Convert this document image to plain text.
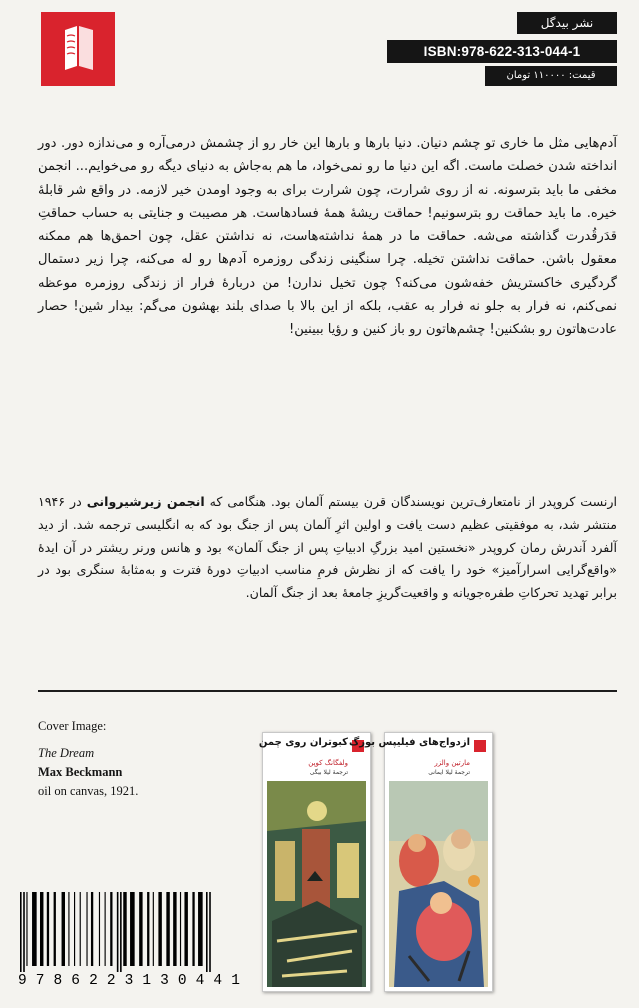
نشر بیدگل
ISBN:978-622-313-044-1
قیمت: ۱۱۰۰۰۰ تومان

آدم‌هایی مثل ما خاری تو چشم دنیان. دنیا بارها و بارها این خار رو از چشمش درمی‌آره و می‌ندازه دور. دور انداخته شدن خصلت ماست. اگه این دنیا ما رو نمی‌خواد، ما هم به‌جاش به دنیای دیگه رو می‌خوایم... انجمن مخفی ما باید بترسونه. نه از روی شرارت، چون شرارت برای به وجود اومدن خیر لازمه. در واقع شر قابلهٔ خیره. ما باید حماقت رو بترسونیم! حماقت ریشهٔ همهٔ فسادهاست. هر مصیبت و جنایتی به حساب حماقتِ قدَرقُدرت گذاشته می‌شه. حماقت ما در همهٔ نداشته‌هاست، نه نداشتن عقل، چون احمق‌ها هم ممکنه معقول باشن. حماقت نداشتن تخیله. چرا سنگینی زندگی روزمره آدم‌ها رو له می‌کنه، چرا زیر دستمال گردگیری خاکستریش خفه‌شون می‌کنه؟ چون تخیل ندارن! من دربارهٔ فرار از زندگی روزمره موعظه نمی‌کنم، نه فرار به جلو نه فرار به عقب، بلکه از این بالا با صدای بلند بهشون می‌گم: بیدار شین! حصار عادت‌هاتون رو بشکنین! چشم‌هاتون رو باز کنین و رؤیا ببینین!

ارنست کروپدر از نامتعارف‌ترین نویسندگان قرن بیستم آلمان بود. هنگامی که انجمن زیرشیروانی در ۱۹۴۶ منتشر شد، به موفقیتی عظیم دست یافت و اولین اثرِ آلمان پس از جنگ بود که به انگلیسی ترجمه شد. از دید آلفرد آندرش رمان کروپدر «نخستین امید بزرگِ ادبیاتِ پس از جنگ آلمان» بود و هانس ورنر ریشتر در آن ایدهٔ «واقع‌گرایی اسرارآمیز» خود را یافت که از نظرش فرمِ مناسب ادبیاتِ دورهٔ فترت و به‌مثابهٔ سنگری بود در برابر تهدید تحرکاتِ طفره‌جویانه و واقعیت‌گریزِ جامعهٔ بعد از جنگ آلمان.

Cover Image:
The Dream
Max Beckmann
oil on canvas, 1921.
کبوتران روی چمن
ولفگانگ کوپن
ترجمهٔ لیلا بیگی
ازدواج‌های فیلیپس بورگ
مارتین والزر
ترجمهٔ لیلا ایمانی
9 7 8 6 2 2 3 1 3 0 4 4 1
